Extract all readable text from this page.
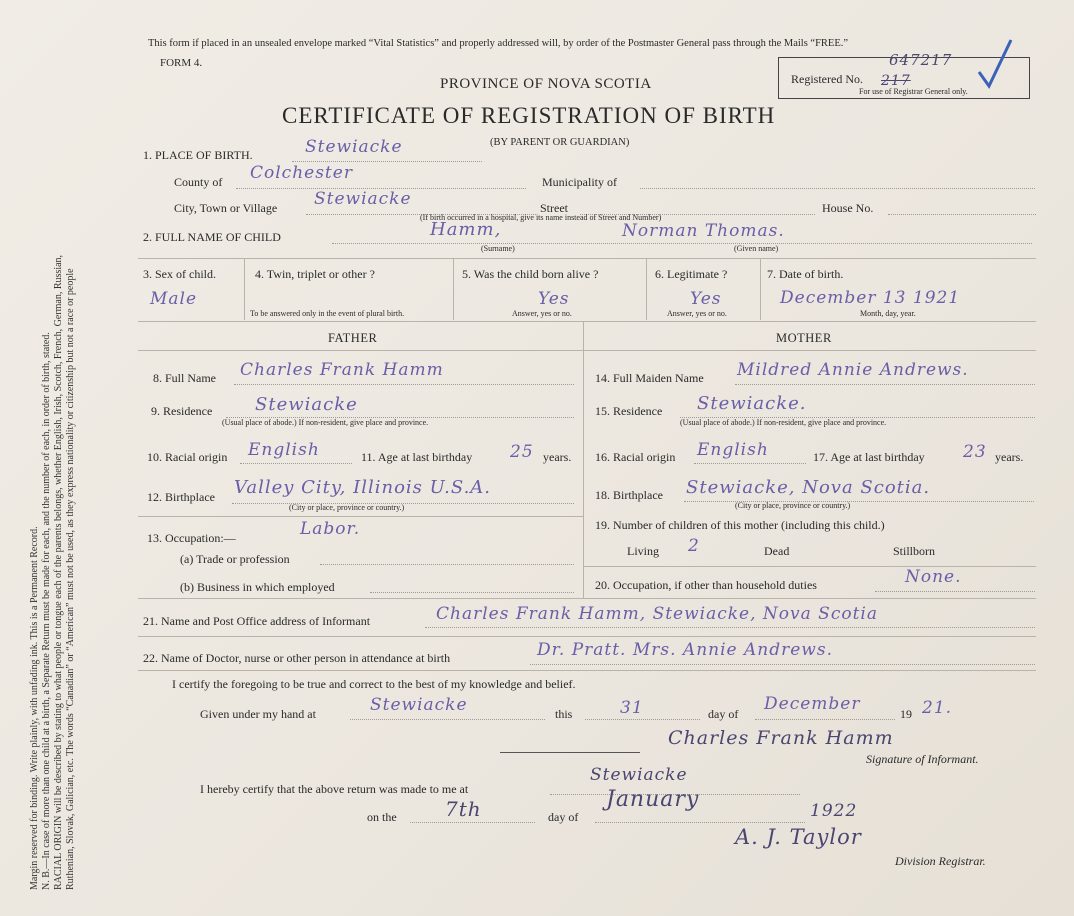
Margin reserved for binding. Write plainly, with unfading ink. This is a Permanent Record. N. B.—In case of more than one child at a birth, a Separate Return must be made for each, and the number of each, in order of birth, stated. RACIAL ORIGIN will be described by stating to what people or tongue each of the parents belongs, whether English, Irish, Scotch, French, German, Russian, Ruthenian, Slovak, Galician, etc. The words “Canadian” or “American” must not be used, as they express nationality or citizenship but not a race or people
This form if placed in an unsealed envelope marked “Vital Statistics” and properly addressed will, by order of the Postmaster General pass through the Mails “FREE.”
FORM 4.
PROVINCE OF NOVA SCOTIA
CERTIFICATE OF REGISTRATION OF BIRTH
(BY PARENT OR GUARDIAN)
Registered No. 217
647217
For use of Registrar General only.
1. PLACE OF BIRTH.	Stewiacke
County of Colchester	Municipality of
City, Town or Village Stewiacke	Street	House No.
(If birth occurred in a hospital, give its name instead of Street and Number)
2. FULL NAME OF CHILD	Hamm,	Norman Thomas.
(Surname)	(Given name)
3. Sex of child.
Male
4. Twin, triplet or other ?
To be answered only in the event of plural birth.
5. Was the child born alive ?
Yes
Answer, yes or no.
6. Legitimate ?
Yes
Answer, yes or no.
7. Date of birth.
December 13 1921
Month, day, year.
FATHER	MOTHER
8. Full Name Charles Frank Hamm
9. Residence Stewiacke
(Usual place of abode.) If non-resident, give place and province.
10. Racial origin English	11. Age at last birthday 25 years.
12. Birthplace Valley City, Illinois U.S.A.
(City or place, province or country.)
13. Occupation:—	Labor.
(a) Trade or profession
(b) Business in which employed
14. Full Maiden Name Mildred Annie Andrews.
15. Residence Stewiacke.
(Usual place of abode.) If non-resident, give place and province.
16. Racial origin English	17. Age at last birthday 23 years.
18. Birthplace Stewiacke, Nova Scotia.
(City or place, province or country.)
19. Number of children of this mother (including this child.)
Living 2	Dead	Stillborn
20. Occupation, if other than household duties	None.
21. Name and Post Office address of Informant	Charles Frank Hamm, Stewiacke, Nova Scotia
22. Name of Doctor, nurse or other person in attendance at birth	Dr. Pratt. Mrs. Annie Andrews.
I certify the foregoing to be true and correct to the best of my knowledge and belief.
Given under my hand at	Stewiacke	this	31	day of December	19 21.
Charles Frank Hamm
Signature of Informant.
I hereby certify that the above return was made to me at
Stewiacke
on the 7th	day of
January	1922
A. J. Taylor
Division Registrar.
